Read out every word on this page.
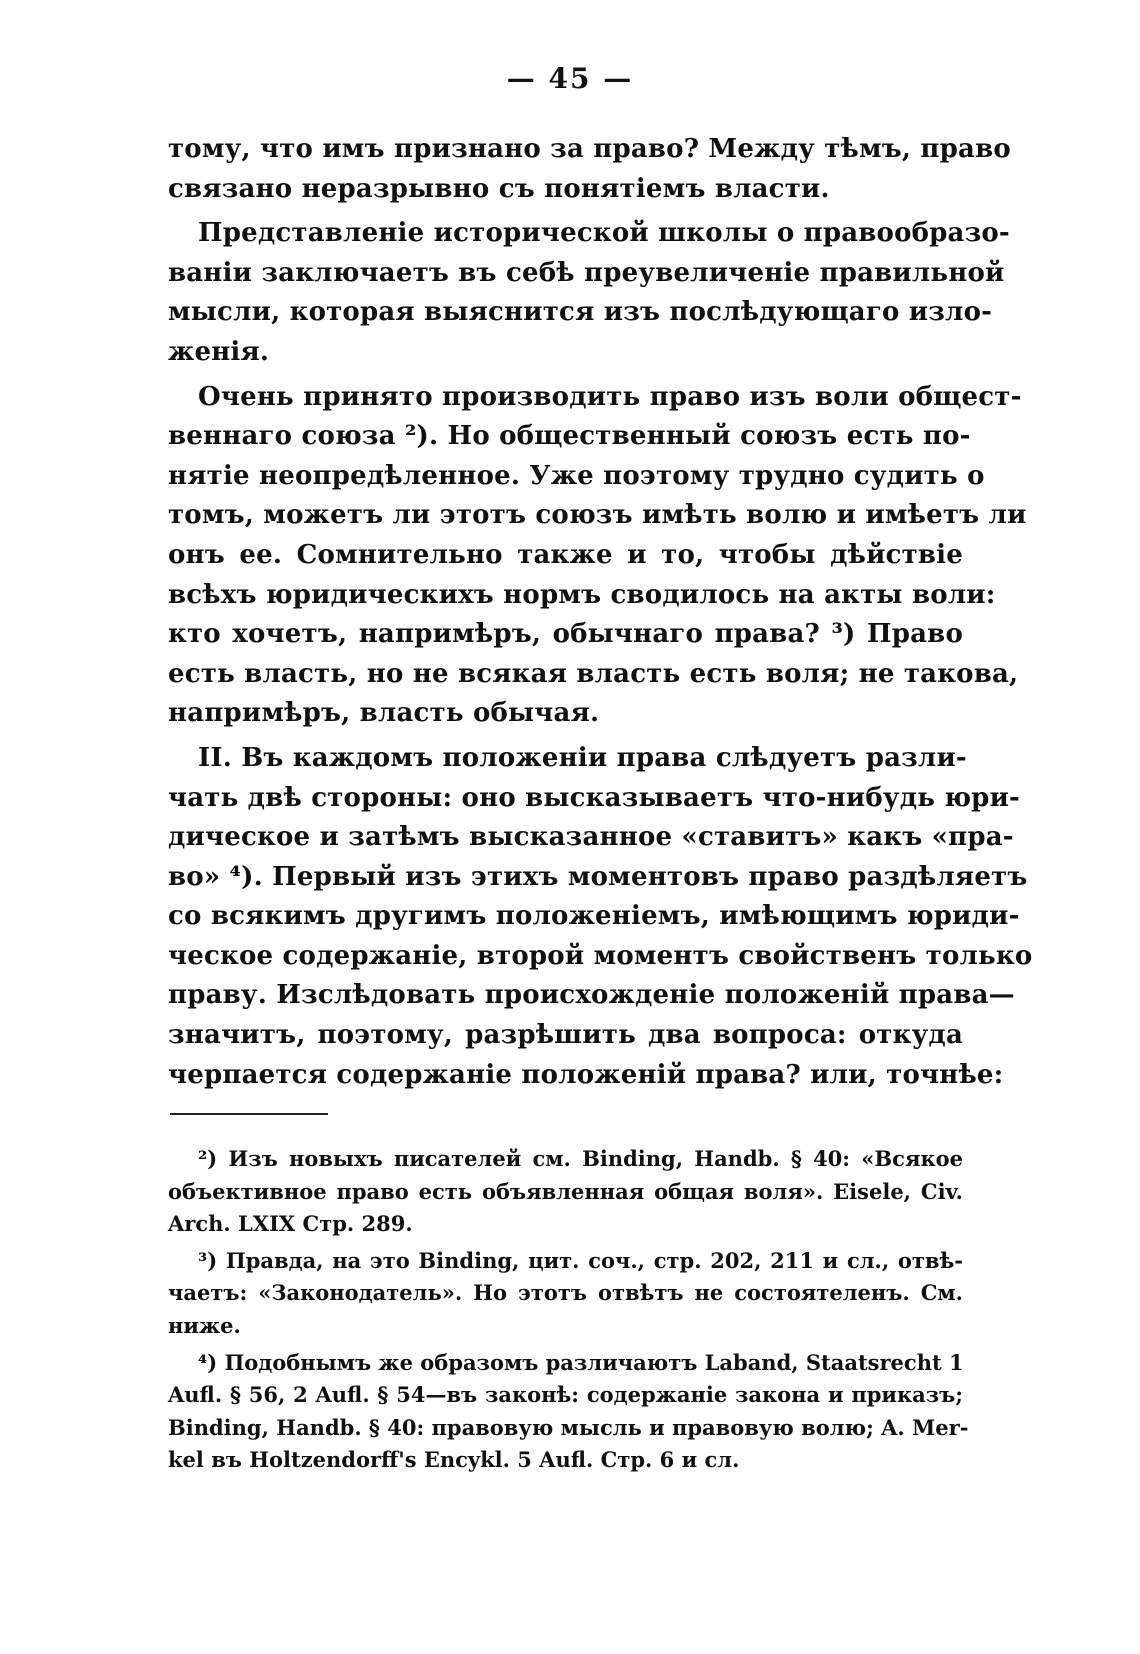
— 45 —
тому, что имъ признано за право? Между тѣмъ, право
связано неразрывно съ понятіемъ власти.
Представленіе исторической школы о правообразо-
ваніи заключаетъ въ себѣ преувеличеніе правильной
мысли, которая выяснится изъ послѣдующаго изло-
женія.
Очень принято производить право изъ воли общест-
веннаго союза ²). Но общественный союзъ есть по-
нятіе неопредѣленное. Уже поэтому трудно судить о
томъ, можетъ ли этотъ союзъ имѣть волю и имѣетъ ли
онъ ее. Сомнительно также и то, чтобы дѣйствіе
всѣхъ юридическихъ нормъ сводилось на акты воли:
кто хочетъ, напримѣръ, обычнаго права? ³) Право
есть власть, но не всякая власть есть воля; не такова,
напримѣръ, власть обычая.
II. Въ каждомъ положеніи права слѣдуетъ разли-
чать двѣ стороны: оно высказываетъ что-нибудь юри-
дическое и затѣмъ высказанное «ставитъ» какъ «пра-
во» ⁴). Первый изъ этихъ моментовъ право раздѣляетъ
со всякимъ другимъ положеніемъ, имѣющимъ юриди-
ческое содержаніе, второй моментъ свойственъ только
праву. Изслѣдовать происхожденіе положеній права—
значитъ, поэтому, разрѣшить два вопроса: откуда
черпается содержаніе положеній права? или, точнѣе:
²) Изъ новыхъ писателей см. Binding, Handb. § 40: «Всякое
объективное право есть объявленная общая воля». Eisele, Civ.
Arch. LXIX Стр. 289.
³) Правда, на это Binding, цит. соч., стр. 202, 211 и сл., отвѣ-
чаетъ: «Законодатель». Но этотъ отвѣтъ не состоятеленъ. См.
ниже.
⁴) Подобнымъ же образомъ различаютъ Laband, Staatsrecht 1
Aufl. § 56, 2 Aufl. § 54—въ законѣ: содержаніе закона и приказъ;
Binding, Handb. § 40: правовую мысль и правовую волю; A. Mer-
kel въ Holtzendorff's Encykl. 5 Aufl. Стр. 6 и сл.
